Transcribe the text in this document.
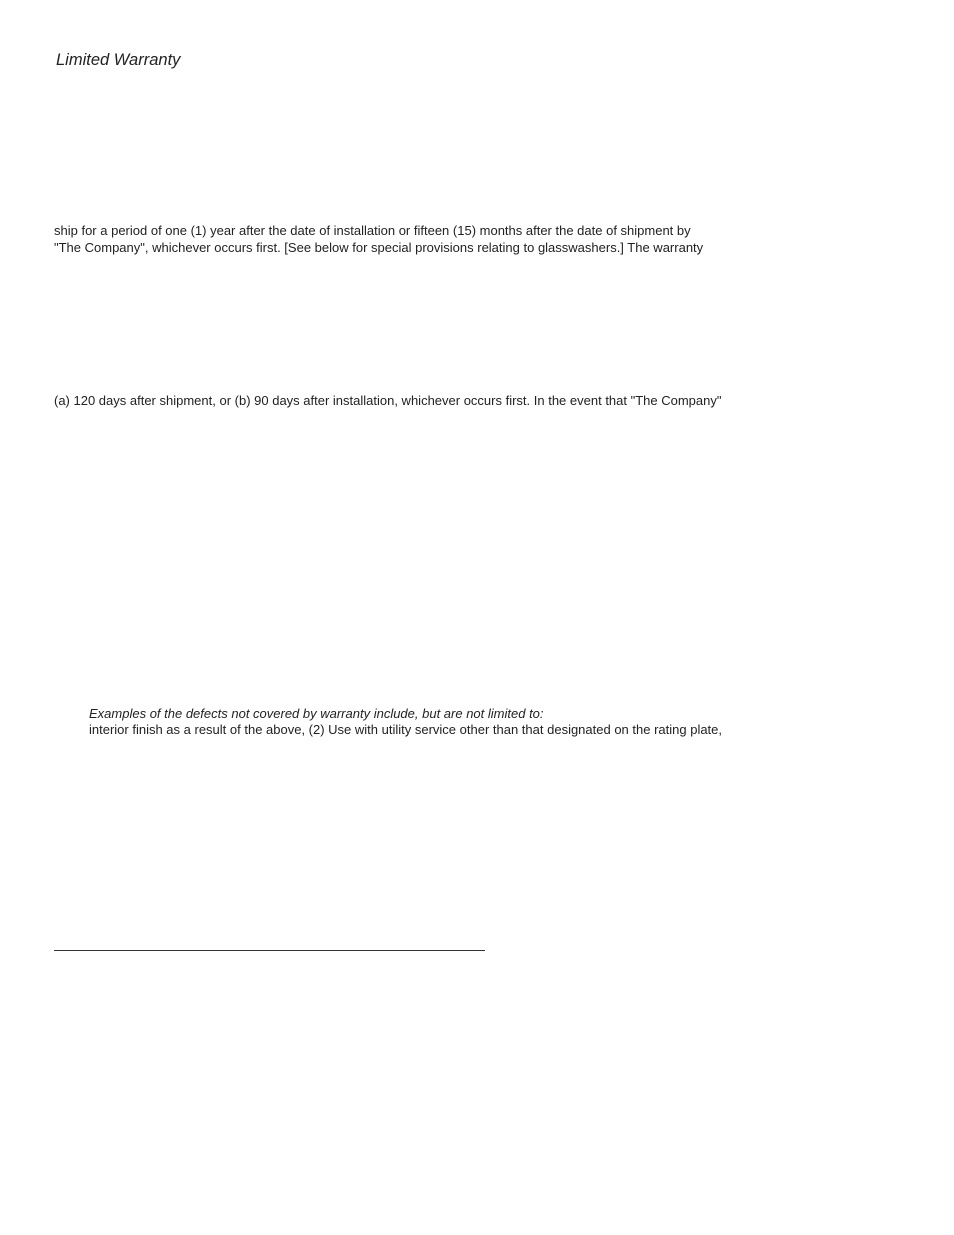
Limited Warranty
ship for a period of one (1) year after the date of installation or fifteen (15) months after the date of shipment by
"The Company", whichever occurs first. [See below for special provisions relating to glasswashers.] The warranty
(a) 120 days after shipment, or (b) 90 days after installation, whichever occurs first. In the event that "The Company"
Examples of the defects not covered by warranty include, but are not limited to:
interior finish as a result of the above, (2) Use with utility service other than that designated on the rating plate,
